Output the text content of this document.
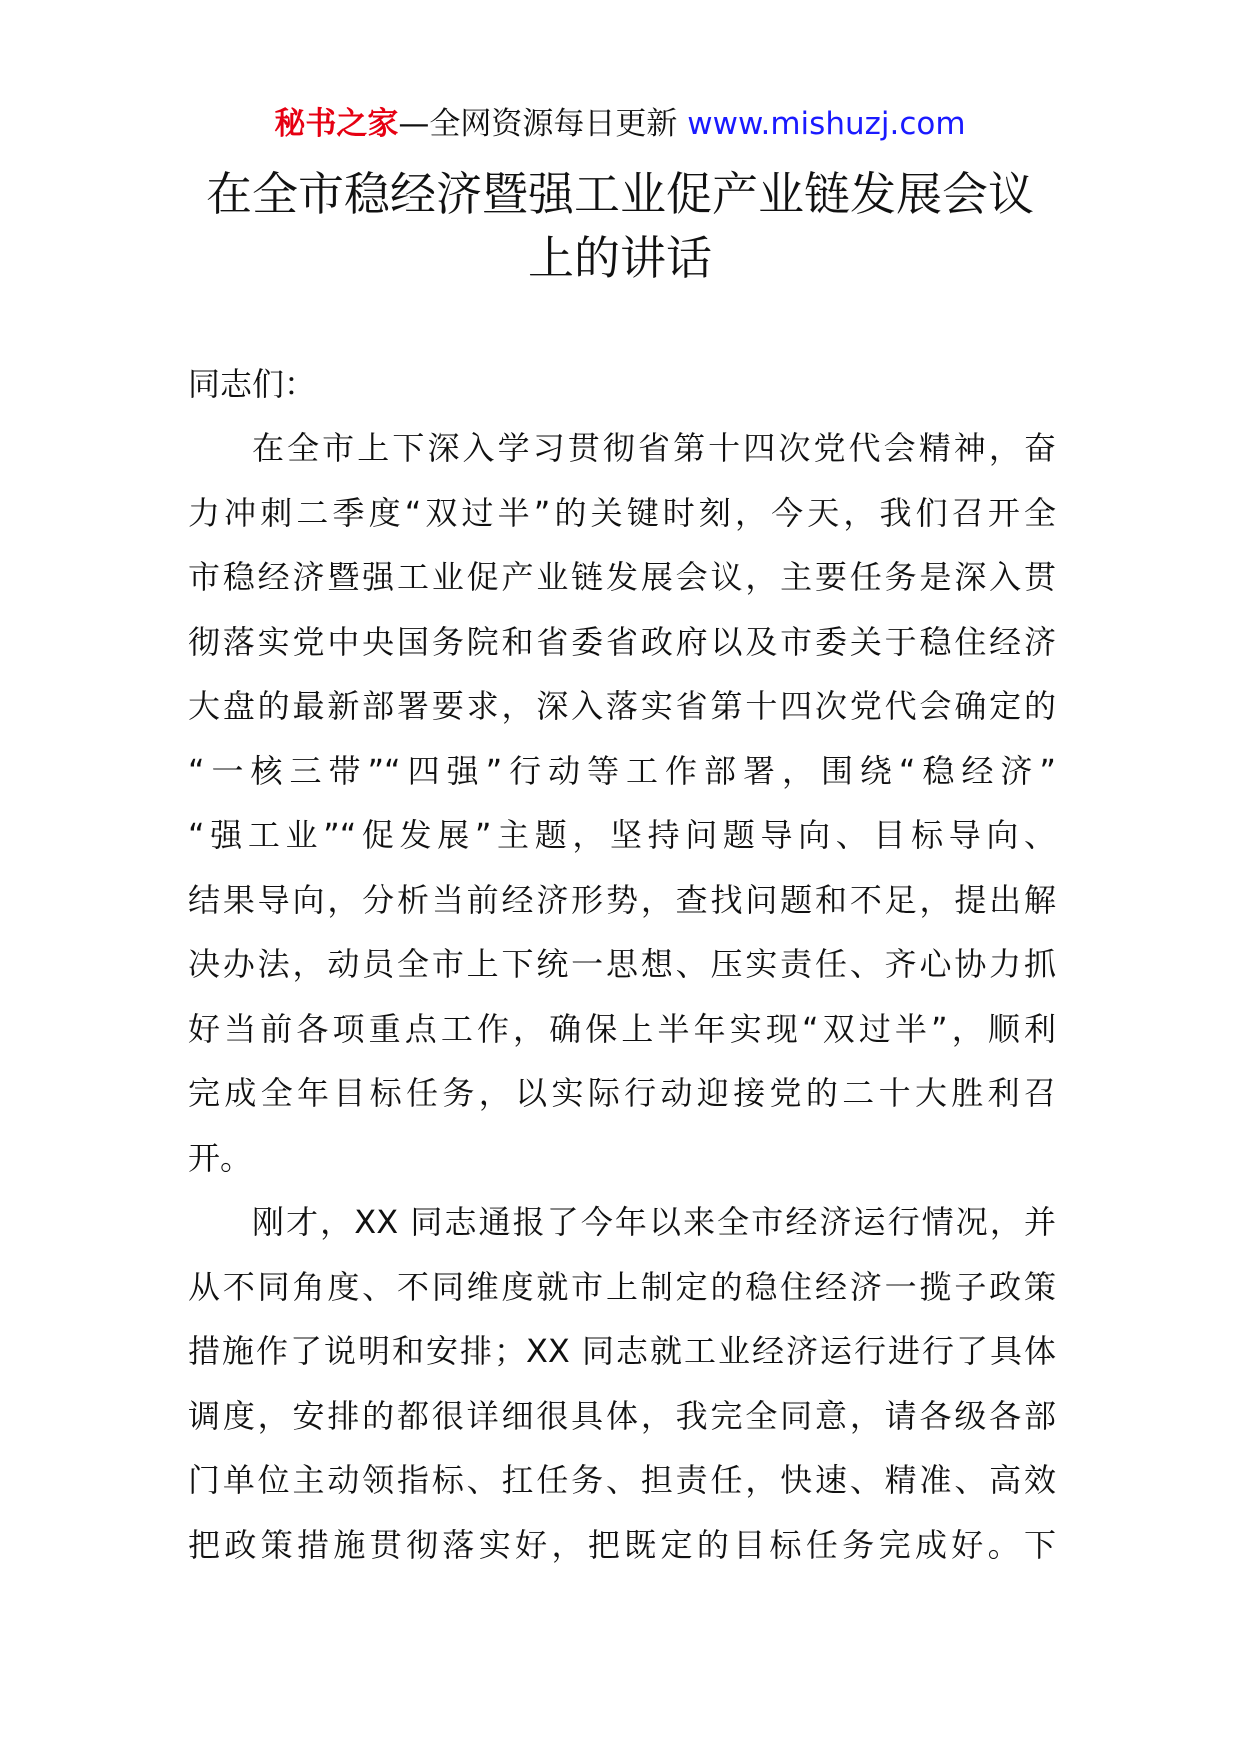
秘书之家—全网资源每日更新 www.mishuzj.com
在全市稳经济暨强工业促产业链发展会议
上的讲话

同志们：

在全市上下深入学习贯彻省第十四次党代会精神，奋
力冲刺二季度“双过半”的关键时刻，今天，我们召开全
市稳经济暨强工业促产业链发展会议，主要任务是深入贯
彻落实党中央国务院和省委省政府以及市委关于稳住经济
大盘的最新部署要求，深入落实省第十四次党代会确定的
“一核三带”“四强”行动等工作部署，围绕“稳经济”
“强工业”“促发展”主题，坚持问题导向、目标导向、
结果导向，分析当前经济形势，查找问题和不足，提出解
决办法，动员全市上下统一思想、压实责任、齐心协力抓
好当前各项重点工作，确保上半年实现“双过半”，顺利
完成全年目标任务，以实际行动迎接党的二十大胜利召
开。
刚才，XX 同志通报了今年以来全市经济运行情况，并
从不同角度、不同维度就市上制定的稳住经济一揽子政策
措施作了说明和安排；XX 同志就工业经济运行进行了具体
调度，安排的都很详细很具体，我完全同意，请各级各部
门单位主动领指标、扛任务、担责任，快速、精准、高效
把政策措施贯彻落实好，把既定的目标任务完成好。下
